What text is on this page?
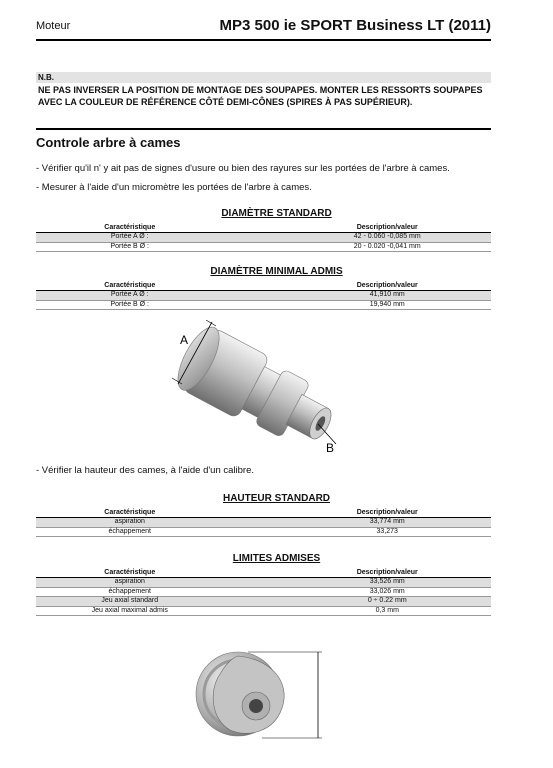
Moteur	MP3 500 ie SPORT Business LT (2011)
N.B.
NE PAS INVERSER LA POSITION DE MONTAGE DES SOUPAPES. MONTER LES RESSORTS SOUPAPES AVEC LA COULEUR DE RÉFÉRENCE CÔTÉ DEMI-CÔNES (SPIRES À PAS SUPÉRIEUR).
Controle arbre à cames
- Vérifier qu'il n' y ait pas de signes d'usure ou bien des rayures sur les portées de l'arbre à cames.
- Mesurer à l'aide d'un micromètre les portées de l'arbre à cames.
DIAMÈTRE STANDARD
Caractéristique	Description/valeur
Portée A Ø :	42 - 0.060 -0,085 mm
Portée B Ø :	20 - 0.020 -0,041 mm
DIAMÈTRE MINIMAL ADMIS
Caractéristique	Description/valeur
Portée A Ø :	41,910 mm
Portée B Ø :	19,940 mm
A
B
- Vérifier la hauteur des cames, à l'aide d'un calibre.
HAUTEUR STANDARD
Caractéristique	Description/valeur
aspiration	33,774 mm
échappement	33,273
LIMITES ADMISES
Caractéristique	Description/valeur
aspiration	33,526 mm
échappement	33,026 mm
Jeu axial standard	0 ÷ 0.22 mm
Jeu axial maximal admis	0,3 mm
